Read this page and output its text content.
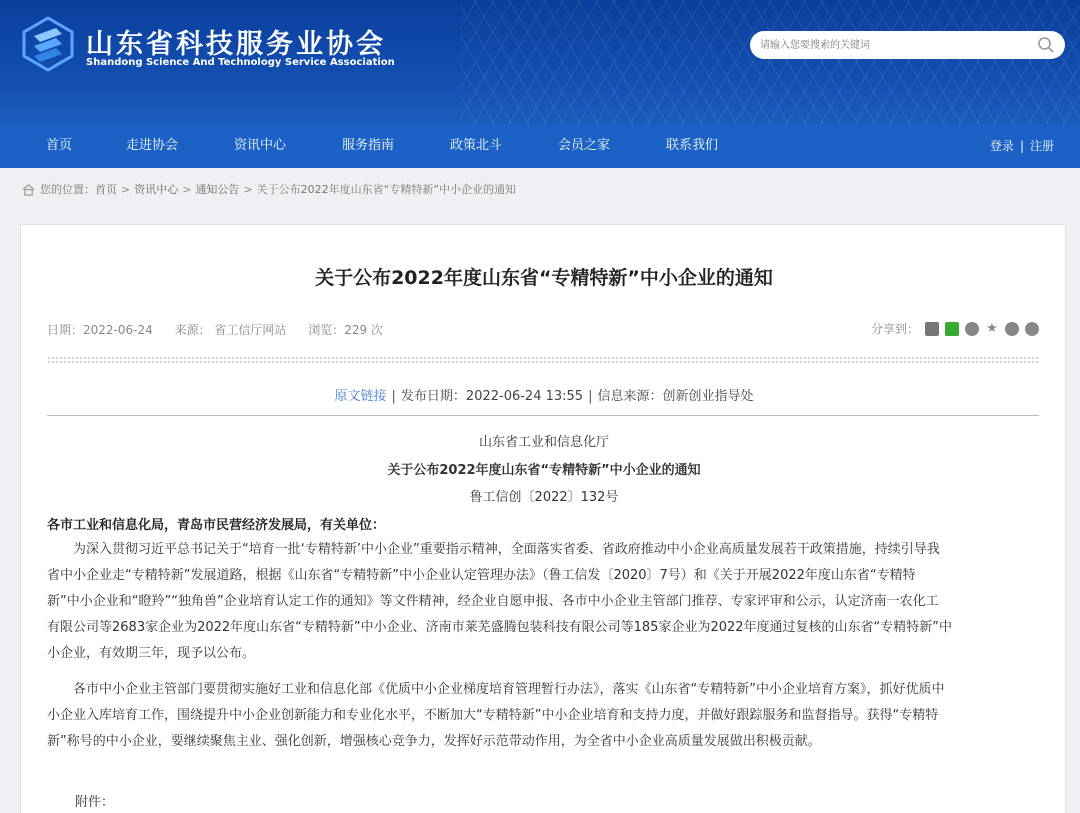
山东省科技服务业协会
Shandong Science And Technology Service Association
请输入您要搜索的关键词
首页	走进协会	资讯中心	服务指南	政策北斗	会员之家	联系我们	登录 | 注册
您的位置： 首页 > 资讯中心 > 通知公告 > 关于公布2022年度山东省“专精特新”中小企业的通知
关于公布2022年度山东省“专精特新”中小企业的通知
日期：2022-06-24 来源： 省工信厅网站 浏览：229 次	分享到：	★
原文链接 | 发布日期：2022-06-24 13:55 | 信息来源：创新创业指导处
山东省工业和信息化厅
关于公布2022年度山东省“专精特新”中小企业的通知
鲁工信创〔2022〕132号
各市工业和信息化局，青岛市民营经济发展局，有关单位：
　　为深入贯彻习近平总书记关于“培育一批‘专精特新’中小企业”重要指示精神，全面落实省委、省政府推动中小企业高质量发展若干政策措施，持续引导我
省中小企业走“专精特新”发展道路，根据《山东省“专精特新”中小企业认定管理办法》（鲁工信发〔2020〕7号）和《关于开展2022年度山东省“专精特
新”中小企业和“瞪羚”“独角兽”企业培育认定工作的通知》等文件精神，经企业自愿申报、各市中小企业主管部门推荐、专家评审和公示，认定济南一农化工
有限公司等2683家企业为2022年度山东省“专精特新”中小企业、济南市莱芜盛腾包装科技有限公司等185家企业为2022年度通过复核的山东省“专精特新”中
小企业，有效期三年，现予以公布。
　　各市中小企业主管部门要贯彻实施好工业和信息化部《优质中小企业梯度培育管理暂行办法》，落实《山东省“专精特新”中小企业培育方案》，抓好优质中
小企业入库培育工作，围绕提升中小企业创新能力和专业化水平，不断加大“专精特新”中小企业培育和支持力度，并做好跟踪服务和监督指导。获得“专精特
新”称号的中小企业，要继续聚焦主业、强化创新，增强核心竞争力，发挥好示范带动作用，为全省中小企业高质量发展做出积极贡献。
附件：
